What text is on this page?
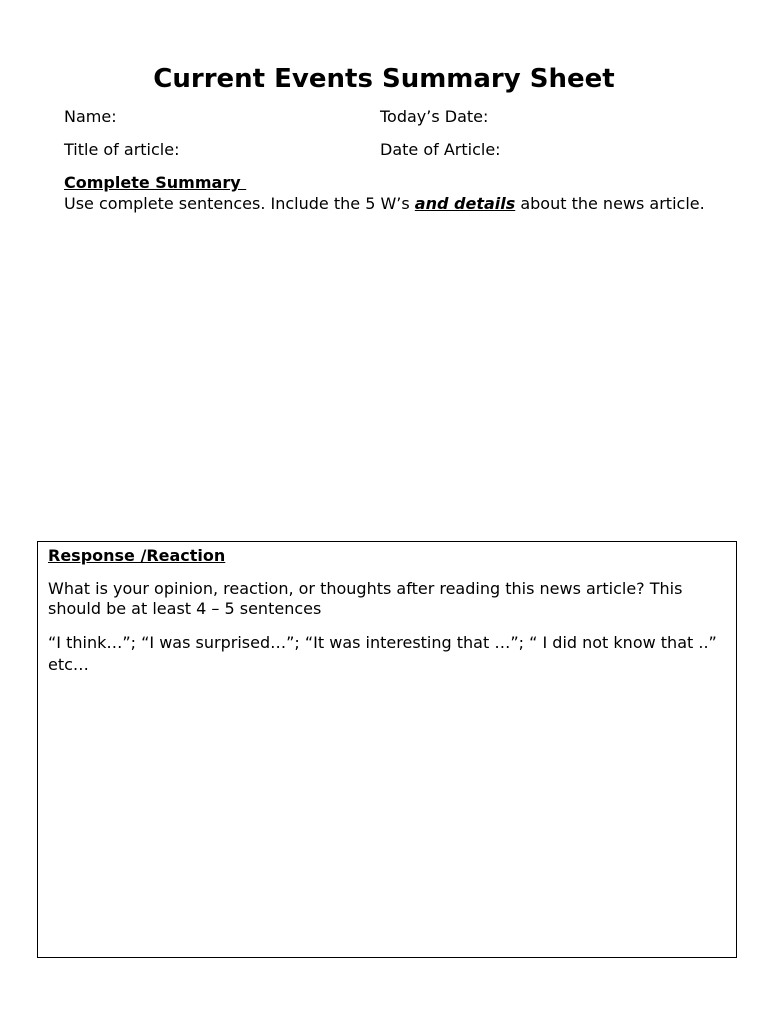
Current Events Summary Sheet
Name:	Today’s Date:
Title of article:	Date of Article:
Complete Summary
Use complete sentences. Include the 5 W’s and details about the news article.
Response /Reaction
What is your opinion, reaction, or thoughts after reading this news article? This should be at least 4 – 5 sentences
“I think…”; “I was surprised…”; “It was interesting that …”; “ I did not know that ..” etc…
